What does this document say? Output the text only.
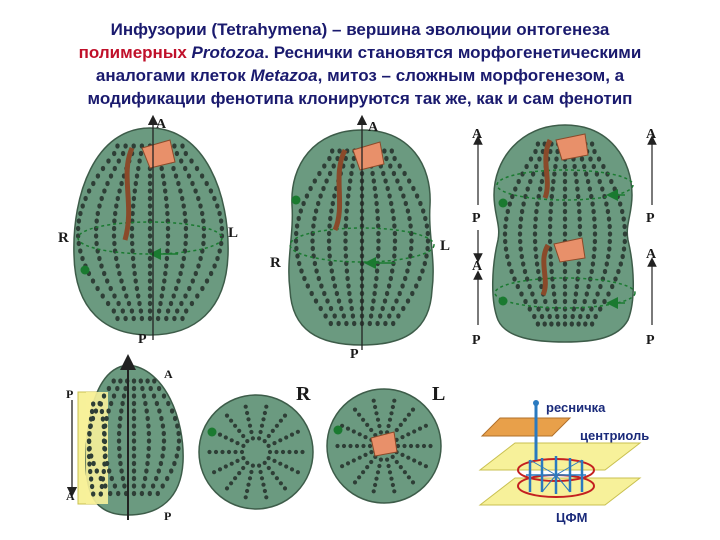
Инфузории (Tetrahymena) – вершина эволюции онтогенеза
полимерных Protozoa. Реснички становятся морфогенетическими
аналогами клеток Metazoa, митоз – сложным морфогенезом, а
модификации фенотипа клонируются так же, как и сам фенотип
A
P
R	L
A
P
R
L
A
P
A
P
A
P
A
P
A
P
P
A
R	L
ресничка
центриоль
ЦФМ
